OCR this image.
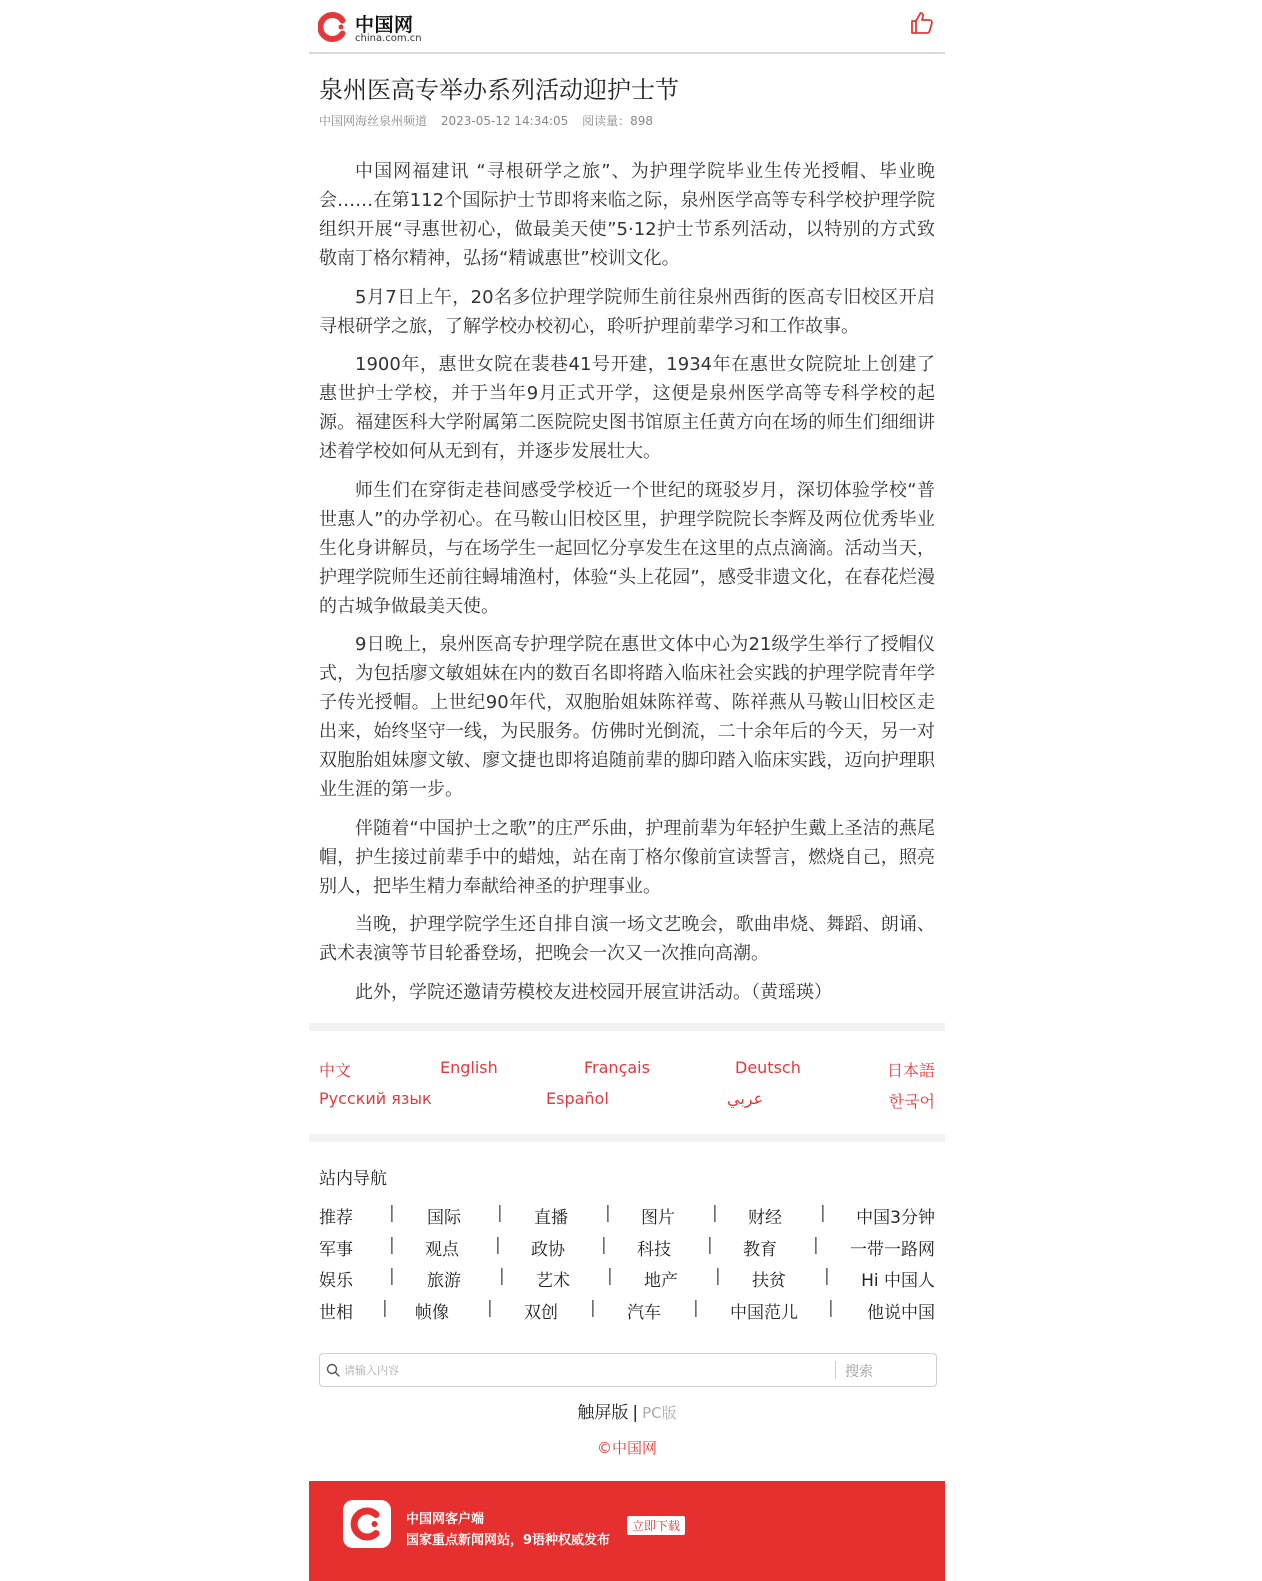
中国网
china.com.cn
泉州医高专举办系列活动迎护士节
中国网海丝泉州频道 2023-05-12 14:34:05 阅读量：898

中国网福建讯 “寻根研学之旅”、为护理学院毕业生传光授帽、毕业晚会……在第112个国际护士节即将来临之际，泉州医学高等专科学校护理学院组织开展“寻惠世初心，做最美天使”5·12护士节系列活动，以特别的方式致敬南丁格尔精神，弘扬“精诚惠世”校训文化。

5月7日上午，20名多位护理学院师生前往泉州西街的医高专旧校区开启寻根研学之旅，了解学校办校初心，聆听护理前辈学习和工作故事。

1900年，惠世女院在裴巷41号开建，1934年在惠世女院院址上创建了惠世护士学校，并于当年9月正式开学，这便是泉州医学高等专科学校的起源。福建医科大学附属第二医院院史图书馆原主任黄方向在场的师生们细细讲述着学校如何从无到有，并逐步发展壮大。

师生们在穿街走巷间感受学校近一个世纪的斑驳岁月，深切体验学校“普世惠人”的办学初心。在马鞍山旧校区里，护理学院院长李辉及两位优秀毕业生化身讲解员，与在场学生一起回忆分享发生在这里的点点滴滴。活动当天，护理学院师生还前往蟳埔渔村，体验“头上花园”，感受非遗文化，在春花烂漫的古城争做最美天使。

9日晚上，泉州医高专护理学院在惠世文体中心为21级学生举行了授帽仪式，为包括廖文敏姐妹在内的数百名即将踏入临床社会实践的护理学院青年学子传光授帽。上世纪90年代，双胞胎姐妹陈祥莺、陈祥燕从马鞍山旧校区走出来，始终坚守一线，为民服务。仿佛时光倒流，二十余年后的今天，另一对双胞胎姐妹廖文敏、廖文捷也即将追随前辈的脚印踏入临床实践，迈向护理职业生涯的第一步。

伴随着“中国护士之歌”的庄严乐曲，护理前辈为年轻护生戴上圣洁的燕尾帽，护生接过前辈手中的蜡烛，站在南丁格尔像前宣读誓言，燃烧自己，照亮别人，把毕生精力奉献给神圣的护理事业。

当晚，护理学院学生还自排自演一场文艺晚会，歌曲串烧、舞蹈、朗诵、武术表演等节目轮番登场，把晚会一次又一次推向高潮。

此外，学院还邀请劳模校友进校园开展宣讲活动。（黄瑶瑛）

中文	English	Français	Deutsch	日本語
Русский язык	Español	عربي	한국어
站内导航
推荐 | 国际 | 直播 | 图片 | 财经 | 中国3分钟
军事 | 观点 | 政协 | 科技 | 教育 | 一带一路网
娱乐 | 旅游 | 艺术 | 地产 | 扶贫 | Hi 中国人
世相 | 帧像 | 双创 | 汽车 | 中国范儿 | 他说中国
请输入内容
搜索
触屏版 | PC版
©中国网
中国网客户端
国家重点新闻网站，9语种权威发布
立即下载
